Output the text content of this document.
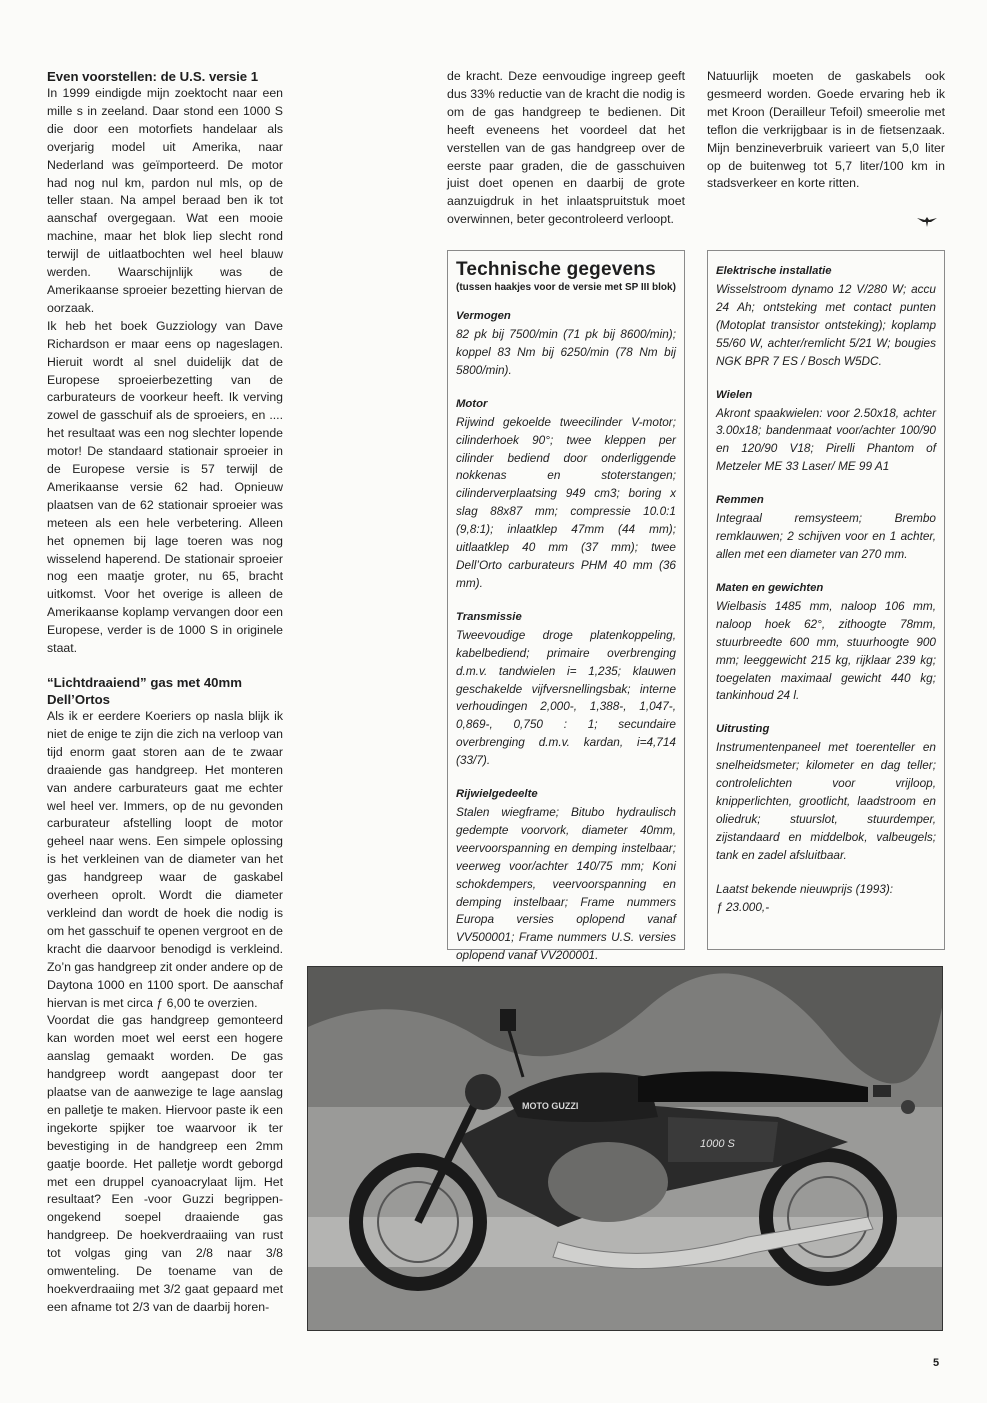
Even voorstellen: de U.S. versie 1

In 1999 eindigde mijn zoektocht naar een mille s in zeeland. Daar stond een 1000 S die door een motorfiets handelaar als overjarig model uit Amerika, naar Nederland was geïmporteerd. De motor had nog nul km, pardon nul mls, op de teller staan. Na ampel beraad ben ik tot aanschaf overgegaan. Wat een mooie machine, maar het blok liep slecht rond terwijl de uitlaatbochten wel heel blauw werden. Waarschijnlijk was de Amerikaanse sproeier bezetting hiervan de oorzaak.

Ik heb het boek Guzziology van Dave Richardson er maar eens op nageslagen. Hieruit wordt al snel duidelijk dat de Europese sproeierbezetting van de carburateurs de voorkeur heeft. Ik verving zowel de gasschuif als de sproeiers, en .... het resultaat was een nog slechter lopende motor! De standaard stationair sproeier in de Europese versie is 57 terwijl de Amerikaanse versie 62 had. Opnieuw plaatsen van de 62 stationair sproeier was meteen als een hele verbetering. Alleen het opnemen bij lage toeren was nog wisselend haperend. De stationair sproeier nog een maatje groter, nu 65, bracht uitkomst. Voor het overige is alleen de Amerikaanse koplamp vervangen door een Europese, verder is de 1000 S in originele staat.

“Lichtdraaiend” gas met 40mm Dell’Ortos

Als ik er eerdere Koeriers op nasla blijk ik niet de enige te zijn die zich na verloop van tijd enorm gaat storen aan de te zwaar draaiende gas handgreep. Het monteren van andere carburateurs gaat me echter wel heel ver. Immers, op de nu gevonden carburateur afstelling loopt de motor geheel naar wens. Een simpele oplossing is het verkleinen van de diameter van het gas handgreep waar de gaskabel overheen oprolt. Wordt die diameter verkleind dan wordt de hoek die nodig is om het gasschuif te openen vergroot en de kracht die daarvoor benodigd is verkleind. Zo’n gas handgreep zit onder andere op de Daytona 1000 en 1100 sport. De aanschaf hiervan is met circa ƒ 6,00 te overzien.

Voordat die gas handgreep gemonteerd kan worden moet wel eerst een hogere aanslag gemaakt worden. De gas handgreep wordt aangepast door ter plaatse van de aanwezige te lage aanslag en palletje te maken. Hiervoor paste ik een ingekorte spijker toe waarvoor ik ter bevestiging in de handgreep een 2mm gaatje boorde. Het palletje wordt geborgd met een druppel cyanoacrylaat lijm. Het resultaat? Een -voor Guzzi begrippen- ongekend soepel draaiende gas handgreep. De hoekverdraaiing van rust tot volgas ging van 2/8 naar 3/8 omwenteling. De toename van de hoekverdraaiing met 3/2 gaat gepaard met een afname tot 2/3 van de daarbij horen-

de kracht. Deze eenvoudige ingreep geeft dus 33% reductie van de kracht die nodig is om de gas handgreep te bedienen. Dit heeft eveneens het voordeel dat het verstellen van de gas handgreep over de eerste paar graden, die de gasschuiven juist doet openen en daarbij de grote aanzuigdruk in het inlaatspruitstuk moet overwinnen, beter gecontroleerd verloopt.

Natuurlijk moeten de gaskabels ook gesmeerd worden. Goede ervaring heb ik met Kroon (Derailleur Tefoil) smeerolie met teflon die verkrijgbaar is in de fietsenzaak. Mijn benzineverbruik varieert van 5,0 liter op de buitenweg tot 5,7 liter/100 km in stadsverkeer en korte ritten.

Technische gegevens
(tussen haakjes voor de versie met SP III blok)
Vermogen

82 pk bij 7500/min (71 pk bij 8600/min); koppel 83 Nm bij 6250/min (78 Nm bij 5800/min).

Motor

Rijwind gekoelde tweecilinder V-motor; cilinderhoek 90°; twee kleppen per cilinder bediend door onderliggende nokkenas en stoterstangen; cilinderverplaatsing 949 cm3; boring x slag 88x87 mm; compressie 10.0:1 (9,8:1); inlaatklep 47mm (44 mm); uitlaatklep 40 mm (37 mm); twee Dell’Orto carburateurs PHM 40 mm (36 mm).

Transmissie

Tweevoudige droge platenkoppeling, kabelbediend; primaire overbrenging d.m.v. tandwielen i= 1,235; klauwen geschakelde vijfversnellingsbak; interne verhoudingen 2,000-, 1,388-, 1,047-, 0,869-, 0,750 : 1; secundaire overbrenging d.m.v. kardan, i=4,714 (33/7).

Rijwielgedeelte

Stalen wiegframe; Bitubo hydraulisch gedempte voorvork, diameter 40mm, veervoorspanning en demping instelbaar; veerweg voor/achter 140/75 mm; Koni schokdempers, veervoorspanning en demping instelbaar; Frame nummers Europa versies oplopend vanaf VV500001; Frame nummers U.S. versies oplopend vanaf VV200001.

Elektrische installatie

Wisselstroom dynamo 12 V/280 W; accu 24 Ah; ontsteking met contact punten (Motoplat transistor ontsteking); koplamp 55/60 W, achter/remlicht 5/21 W; bougies NGK BPR 7 ES / Bosch W5DC.

Wielen

Akront spaakwielen: voor 2.50x18, achter 3.00x18; bandenmaat voor/achter 100/90 en 120/90 V18; Pirelli Phantom of Metzeler ME 33 Laser/ ME 99 A1

Remmen

Integraal remsysteem; Brembo remklauwen; 2 schijven voor en 1 achter, allen met een diameter van 270 mm.

Maten en gewichten

Wielbasis 1485 mm, naloop 106 mm, naloop hoek 62°, zithoogte 78mm, stuurbreedte 600 mm, stuurhoogte 900 mm; leeggewicht 215 kg, rijklaar 239 kg; toegelaten maximaal gewicht 440 kg; tankinhoud 24 l.

Uitrusting

Instrumentenpaneel met toerenteller en snelheidsmeter; kilometer en dag teller; controlelichten voor vrijloop, knipperlichten, grootlicht, laadstroom en oliedruk; stuurslot, stuurdemper, zijstandaard en middelbok, valbeugels; tank en zadel afsluitbaar.

Laatst bekende nieuwprijs (1993):

ƒ 23.000,-

MOTO GUZZI
1000 S
5
